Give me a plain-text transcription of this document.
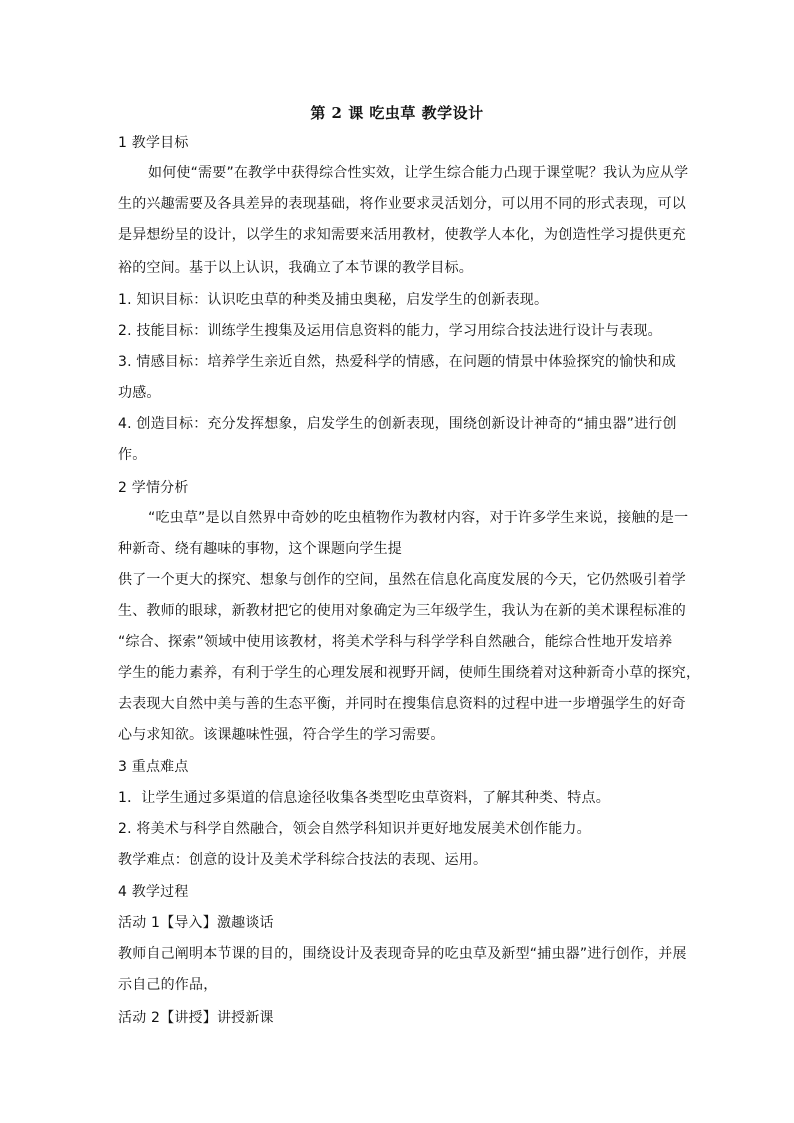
第 2 课 吃虫草 教学设计
1 教学目标
如何使“需要”在教学中获得综合性实效，让学生综合能力凸现于课堂呢？我认为应从学
生的兴趣需要及各具差异的表现基础，将作业要求灵活划分，可以用不同的形式表现，可以
是异想纷呈的设计，以学生的求知需要来活用教材，使教学人本化，为创造性学习提供更充
裕的空间。基于以上认识，我确立了本节课的教学目标。
1. 知识目标：认识吃虫草的种类及捕虫奥秘，启发学生的创新表现。
2. 技能目标：训练学生搜集及运用信息资料的能力，学习用综合技法进行设计与表现。
3. 情感目标：培养学生亲近自然，热爱科学的情感，在问题的情景中体验探究的愉快和成
功感。
4. 创造目标：充分发挥想象，启发学生的创新表现，围绕创新设计神奇的“捕虫器”进行创
作。
2 学情分析
“吃虫草”是以自然界中奇妙的吃虫植物作为教材内容，对于许多学生来说，接触的是一
种新奇、绕有趣味的事物，这个课题向学生提
供了一个更大的探究、想象与创作的空间，虽然在信息化高度发展的今天，它仍然吸引着学
生、教师的眼球，新教材把它的使用对象确定为三年级学生，我认为在新的美术课程标准的
“综合、探索”领域中使用该教材，将美术学科与科学学科自然融合，能综合性地开发培养
学生的能力素养，有利于学生的心理发展和视野开阔，使师生围绕着对这种新奇小草的探究，
去表现大自然中美与善的生态平衡，并同时在搜集信息资料的过程中进一步增强学生的好奇
心与求知欲。该课趣味性强，符合学生的学习需要。
3 重点难点
1．让学生通过多渠道的信息途径收集各类型吃虫草资料，了解其种类、特点。
2. 将美术与科学自然融合，领会自然学科知识并更好地发展美术创作能力。
教学难点：创意的设计及美术学科综合技法的表现、运用。
4 教学过程
活动 1【导入】激趣谈话
教师自己阐明本节课的目的，围绕设计及表现奇异的吃虫草及新型“捕虫器”进行创作，并展
示自己的作品，
活动 2【讲授】讲授新课
